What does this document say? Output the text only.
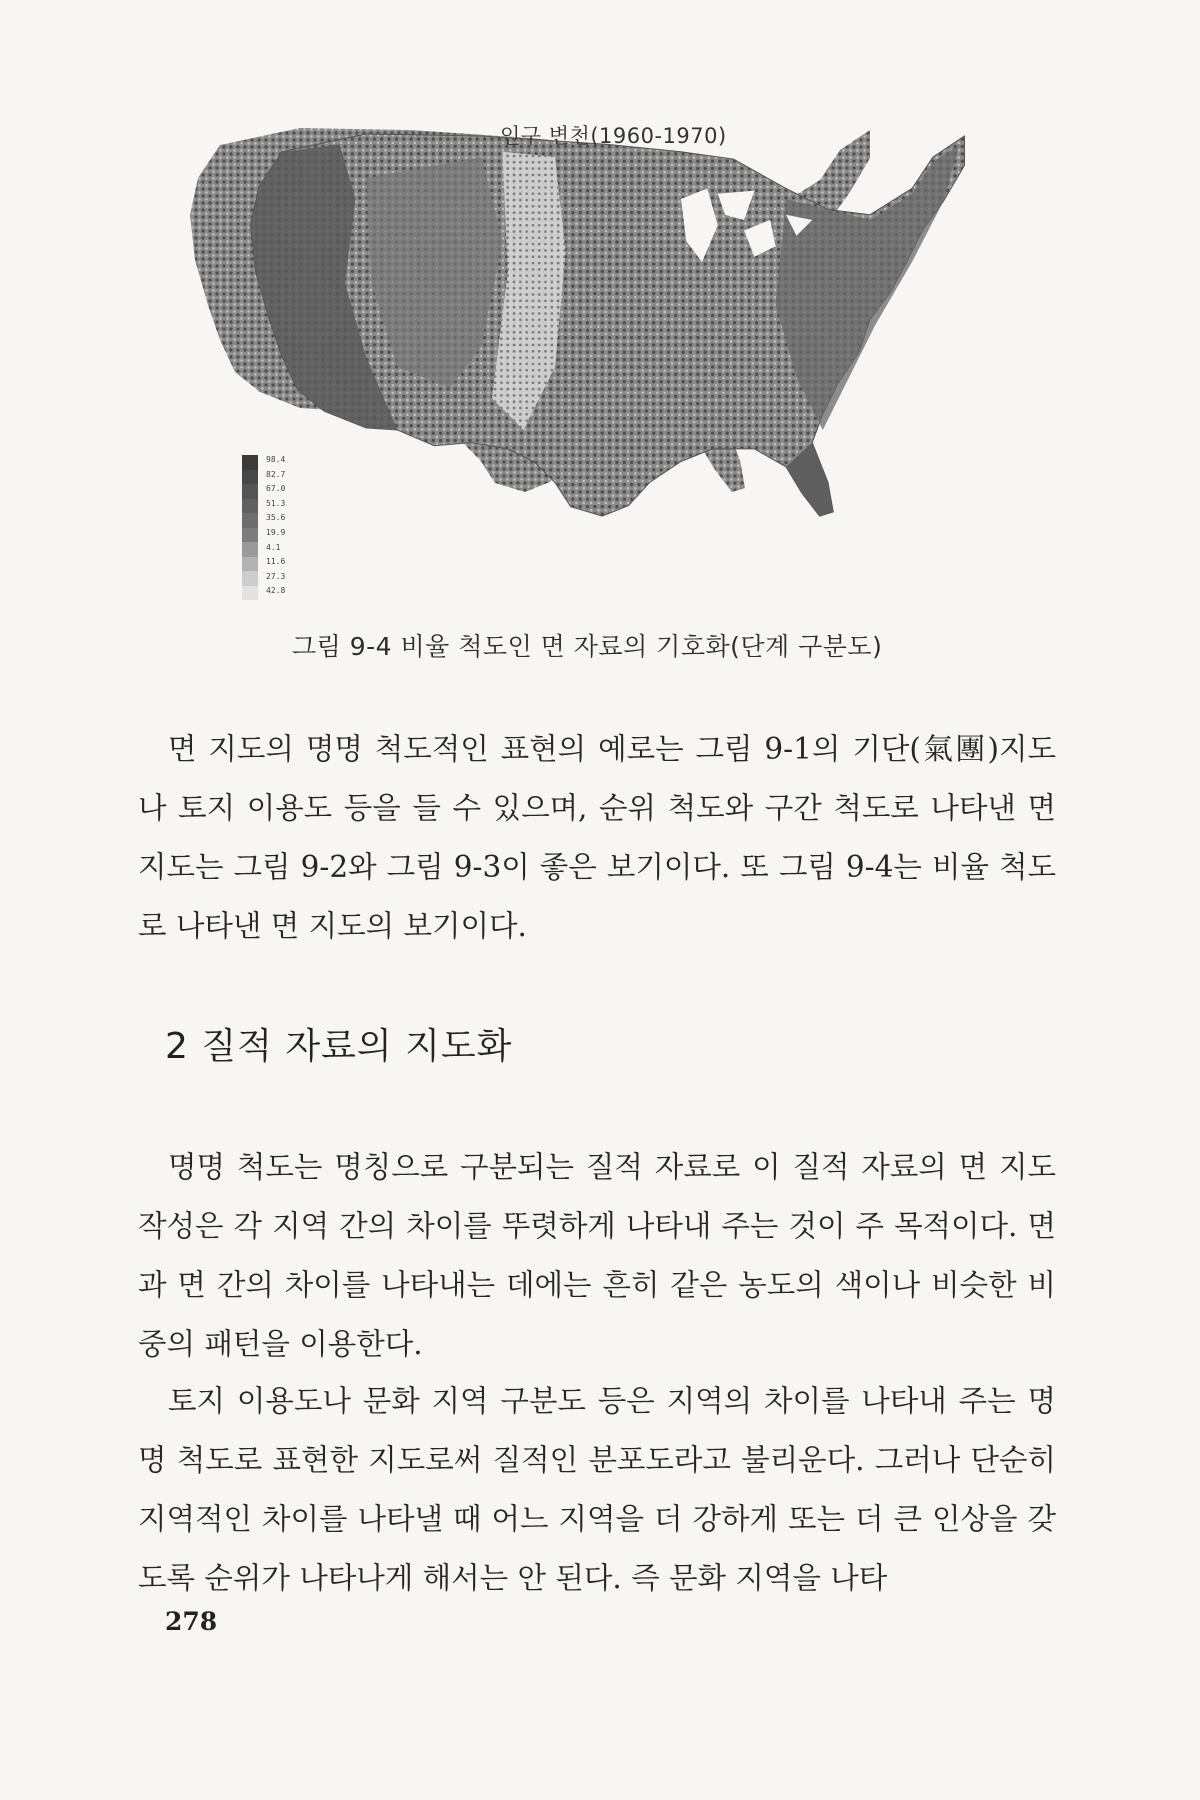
인구 변천(1960-1970)
98.4
82.7
67.0
51.3
35.6
19.9
4.1
11.6
27.3
42.8
그림 9-4 비율 척도인 면 자료의 기호화(단계 구분도)

면 지도의 명명 척도적인 표현의 예로는 그림 9-1의 기단(氣團)지도나 토지 이용도 등을 들 수 있으며, 순위 척도와 구간 척도로 나타낸 면지도는 그림 9-2와 그림 9-3이 좋은 보기이다. 또 그림 9-4는 비율 척도로 나타낸 면 지도의 보기이다.

2 질적 자료의 지도화

명명 척도는 명칭으로 구분되는 질적 자료로 이 질적 자료의 면 지도 작성은 각 지역 간의 차이를 뚜렷하게 나타내 주는 것이 주 목적이다. 면과 면 간의 차이를 나타내는 데에는 흔히 같은 농도의 색이나 비슷한 비중의 패턴을 이용한다.

토지 이용도나 문화 지역 구분도 등은 지역의 차이를 나타내 주는 명명 척도로 표현한 지도로써 질적인 분포도라고 불리운다. 그러나 단순히 지역적인 차이를 나타낼 때 어느 지역을 더 강하게 또는 더 큰 인상을 갖도록 순위가 나타나게 해서는 안 된다. 즉 문화 지역을 나타

278
